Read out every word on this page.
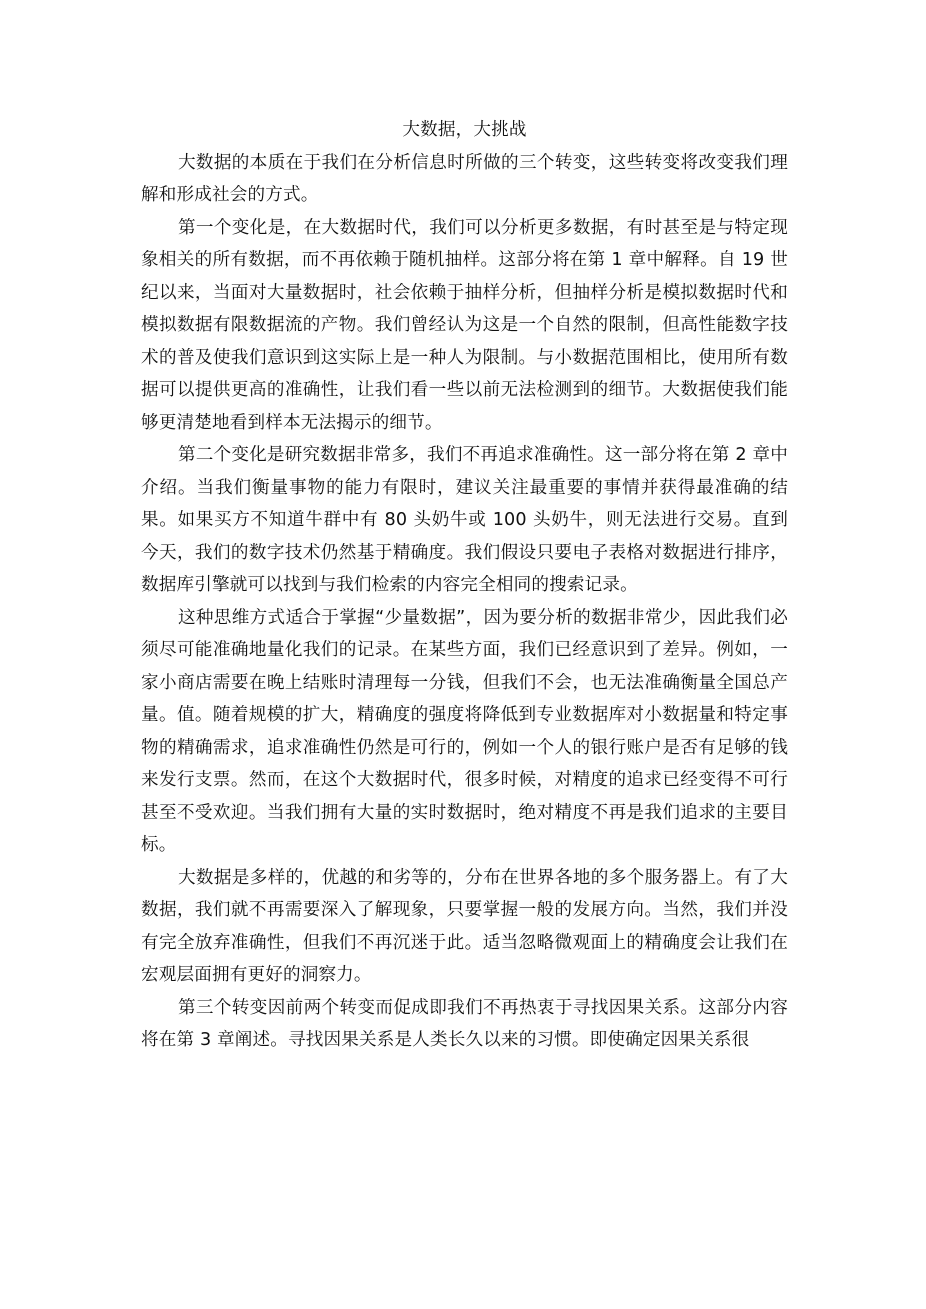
大数据，大挑战

大数据的本质在于我们在分析信息时所做的三个转变，这些转变将改变我们理解和形成社会的方式。

第一个变化是，在大数据时代，我们可以分析更多数据，有时甚至是与特定现象相关的所有数据，而不再依赖于随机抽样。这部分将在第 1 章中解释。自 19 世纪以来，当面对大量数据时，社会依赖于抽样分析，但抽样分析是模拟数据时代和模拟数据有限数据流的产物。我们曾经认为这是一个自然的限制，但高性能数字技术的普及使我们意识到这实际上是一种人为限制。与小数据范围相比，使用所有数据可以提供更高的准确性，让我们看一些以前无法检测到的细节。大数据使我们能够更清楚地看到样本无法揭示的细节。

第二个变化是研究数据非常多，我们不再追求准确性。这一部分将在第 2 章中介绍。当我们衡量事物的能力有限时，建议关注最重要的事情并获得最准确的结果。如果买方不知道牛群中有 80 头奶牛或 100 头奶牛，则无法进行交易。直到今天，我们的数字技术仍然基于精确度。我们假设只要电子表格对数据进行排序，数据库引擎就可以找到与我们检索的内容完全相同的搜索记录。

这种思维方式适合于掌握“少量数据”，因为要分析的数据非常少，因此我们必须尽可能准确地量化我们的记录。在某些方面，我们已经意识到了差异。例如，一家小商店需要在晚上结账时清理每一分钱，但我们不会，也无法准确衡量全国总产量。值。随着规模的扩大，精确度的强度将降低到专业数据库对小数据量和特定事物的精确需求，追求准确性仍然是可行的，例如一个人的银行账户是否有足够的钱来发行支票。然而，在这个大数据时代，很多时候，对精度的追求已经变得不可行甚至不受欢迎。当我们拥有大量的实时数据时，绝对精度不再是我们追求的主要目标。

大数据是多样的，优越的和劣等的，分布在世界各地的多个服务器上。有了大数据，我们就不再需要深入了解现象，只要掌握一般的发展方向。当然，我们并没有完全放弃准确性，但我们不再沉迷于此。适当忽略微观面上的精确度会让我们在宏观层面拥有更好的洞察力。

第三个转变因前两个转变而促成即我们不再热衷于寻找因果关系。这部分内容将在第 3 章阐述。寻找因果关系是人类长久以来的习惯。即使确定因果关系很
